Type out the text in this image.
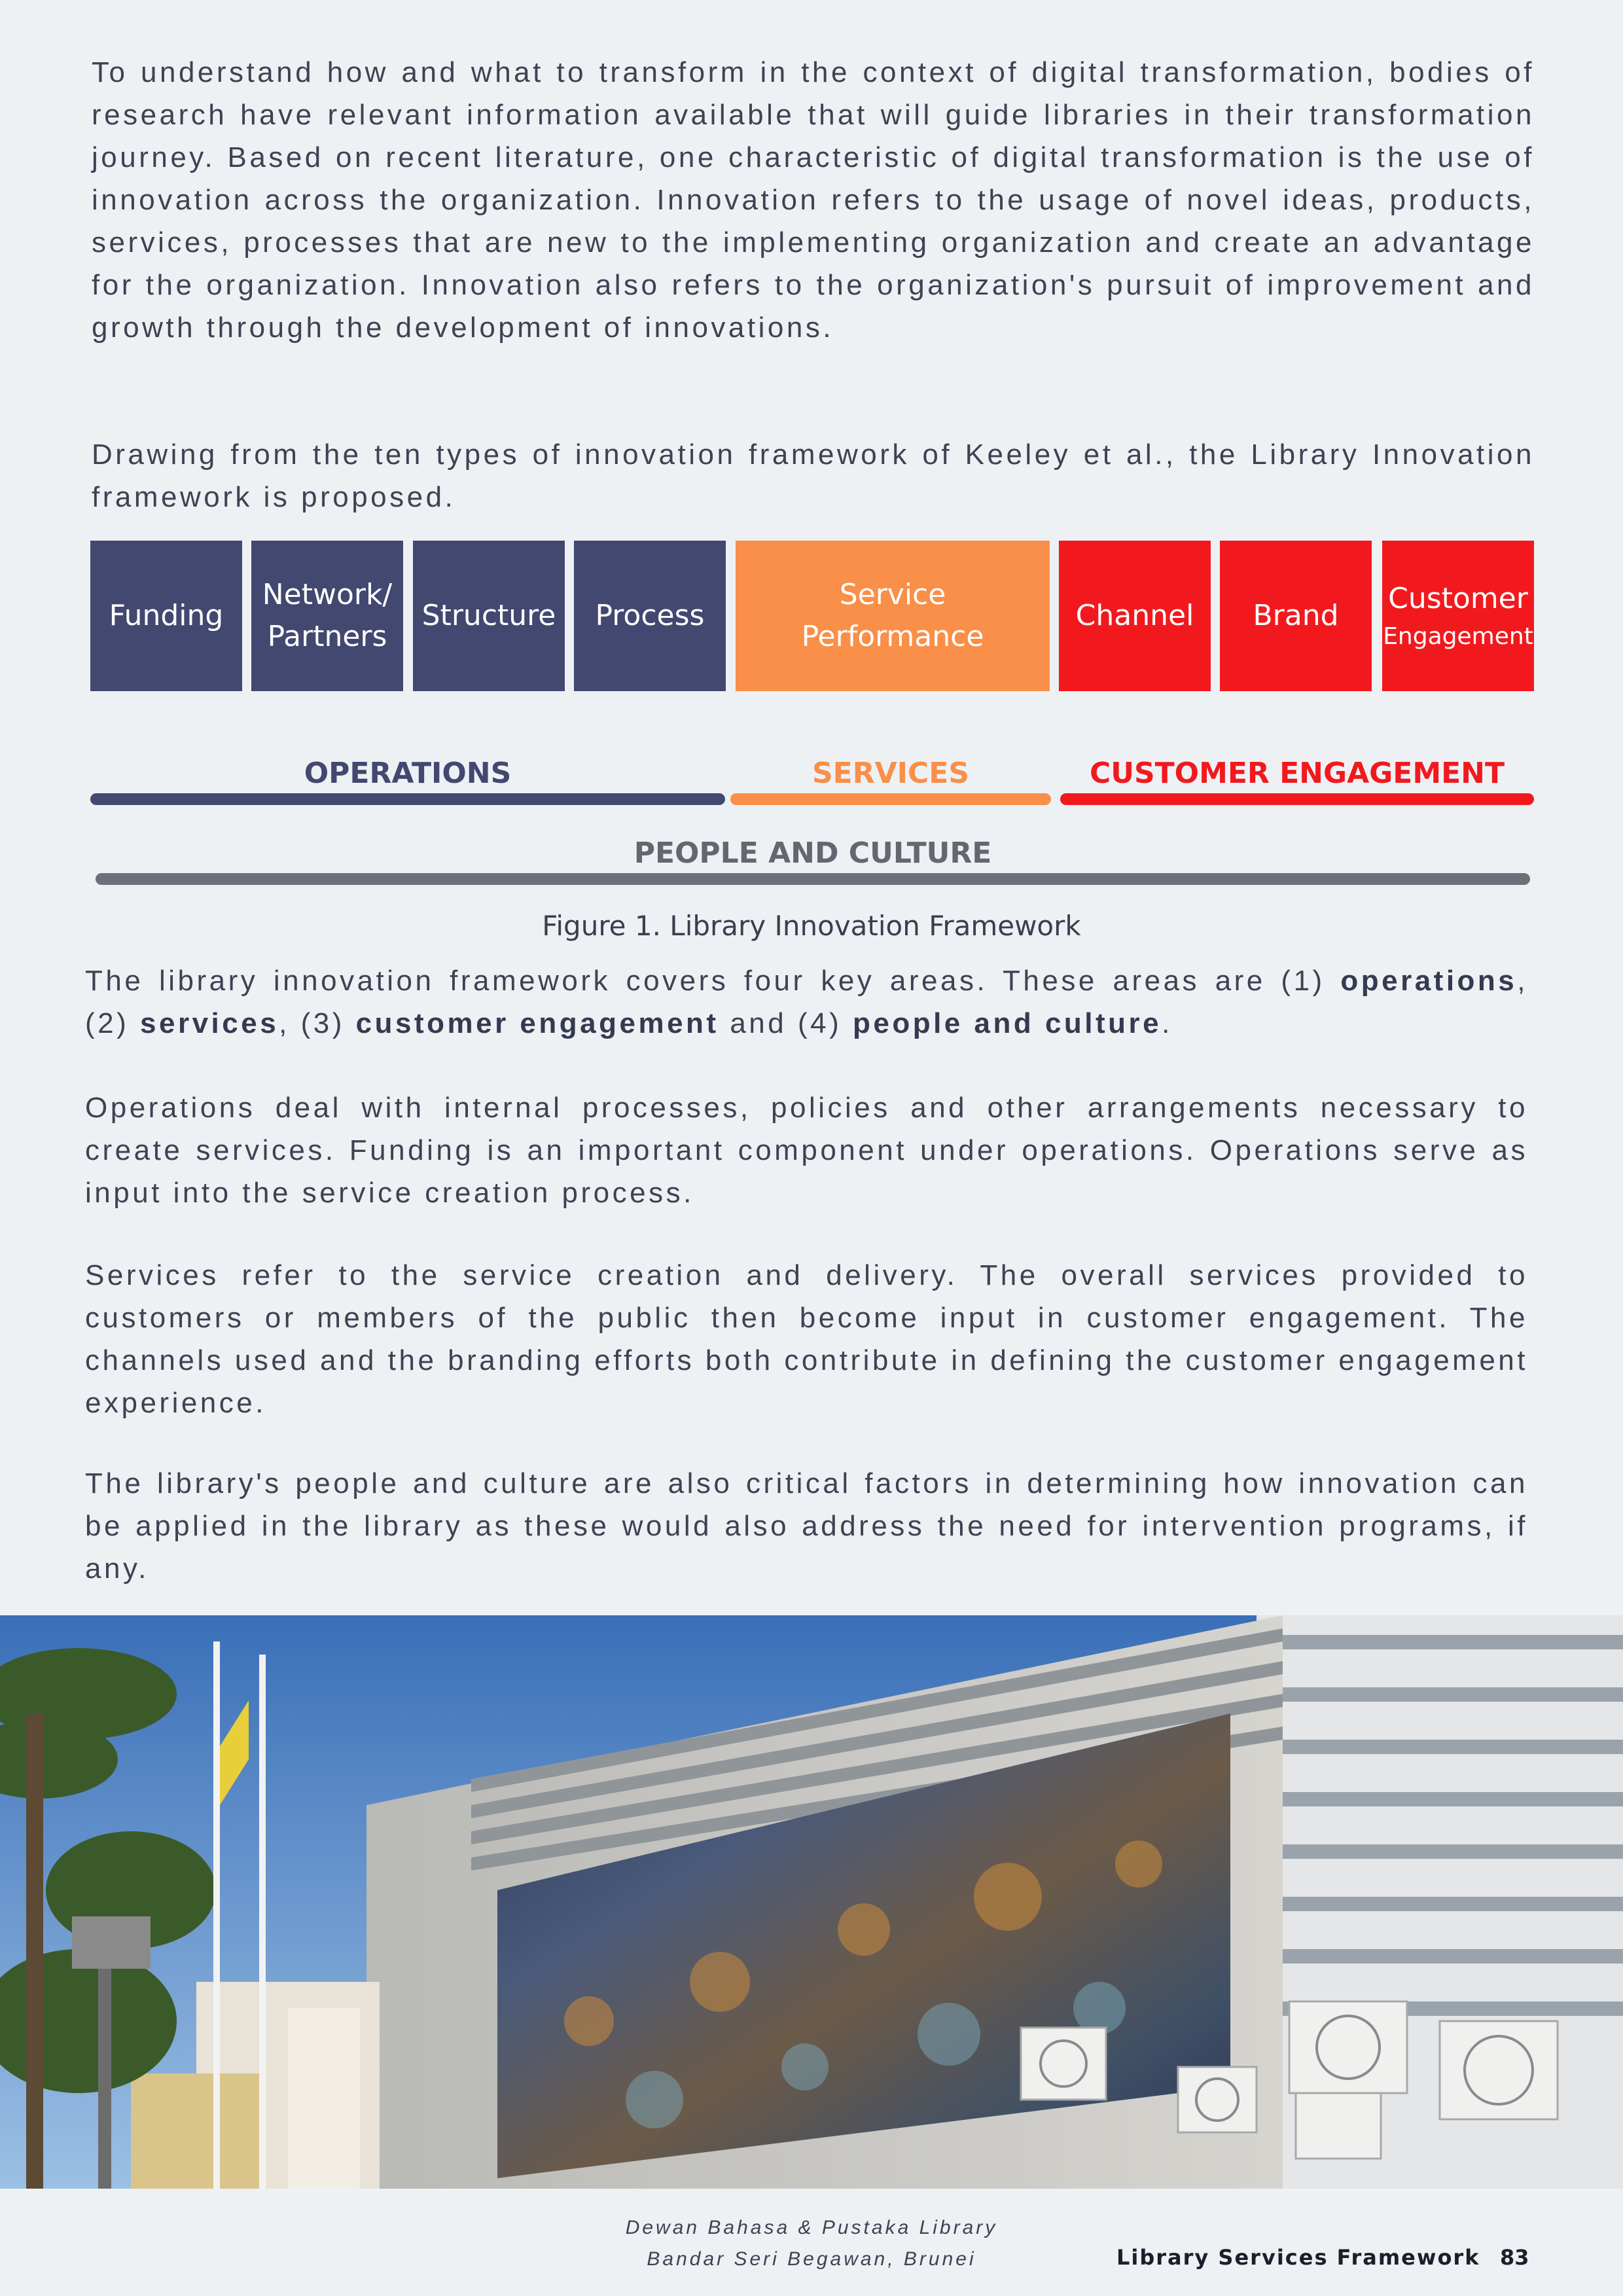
To understand how and what to transform in the context of digital transformation, bodies of research have relevant information available that will guide libraries in their transformation journey. Based on recent literature, one characteristic of digital transformation is the use of innovation across the organization. Innovation refers to the usage of novel ideas, products, services, processes that are new to the implementing organization and create an advantage for the organization. Innovation also refers to the organization's pursuit of improvement and growth through the development of innovations.

Drawing from the ten types of innovation framework of Keeley et al., the Library Innovation framework is proposed.

Funding
Network/
Partners
Structure Process
Service
Performance
Channel Brand
Customer
Engagement
OPERATIONS	SERVICES	CUSTOMER ENGAGEMENT
PEOPLE AND CULTURE
Figure 1. Library Innovation Framework

The library innovation framework covers four key areas. These areas are (1) operations, (2) services, (3) customer engagement and (4) people and culture.

Operations deal with internal processes, policies and other arrangements necessary to create services. Funding is an important component under operations. Operations serve as input into the service creation process.

Services refer to the service creation and delivery. The overall services provided to customers or members of the public then become input in customer engagement. The channels used and the branding efforts both contribute in defining the customer engagement experience.

The library's people and culture are also critical factors in determining how innovation can be applied in the library as these would also address the need for intervention programs, if any.

Dewan Bahasa & Pustaka Library
Bandar Seri Begawan, Brunei	Library Services Framework 83
